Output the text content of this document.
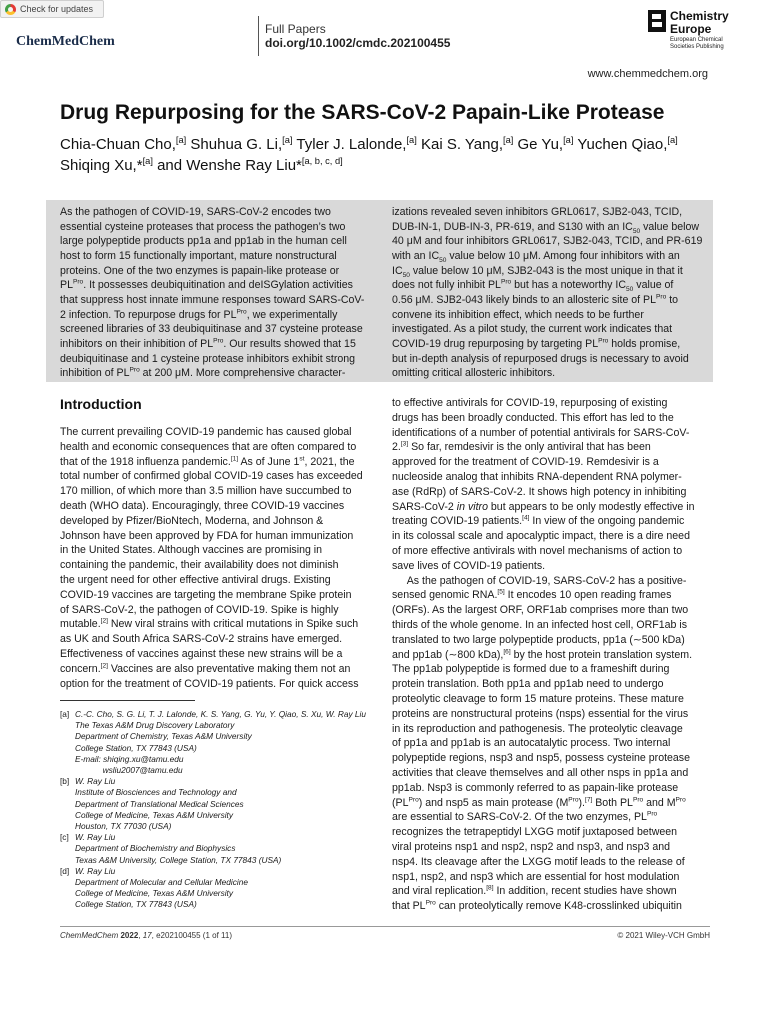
Check for updates
ChemMedChem
Full Papers
doi.org/10.1002/cmdc.202100455
Chemistry
Europe
European Chemical
Societies Publishing
www.chemmedchem.org
Drug Repurposing for the SARS-CoV-2 Papain-Like Protease
Chia-Chuan Cho,[a] Shuhua G. Li,[a] Tyler J. Lalonde,[a] Kai S. Yang,[a] Ge Yu,[a] Yuchen Qiao,[a]
Shiqing Xu,*[a] and Wenshe Ray Liu*[a, b, c, d]
As the pathogen of COVID-19, SARS-CoV-2 encodes two
essential cysteine proteases that process the pathogen’s two
large polypeptide products pp1a and pp1ab in the human cell
host to form 15 functionally important, mature nonstructural
proteins. One of the two enzymes is papain-like protease or
$PL^{Pro}$. It possesses deubiquitination and deISGylation activities
that suppress host innate immune responses toward SARS-CoV-
2 infection. To repurpose drugs for $PL^{Pro}$, we experimentally
screened libraries of 33 deubiquitinase and 37 cysteine protease
inhibitors on their inhibition of $PL^{Pro}$. Our results showed that 15
deubiquitinase and 1 cysteine protease inhibitors exhibit strong
inhibition of $PL^{Pro}$ at 200 μM. More comprehensive character-
izations revealed seven inhibitors GRL0617, SJB2-043, TCID,
DUB-IN-1, DUB-IN-3, PR-619, and S130 with an $IC_{50}$ value below
40 μM and four inhibitors GRL0617, SJB2-043, TCID, and PR-619
with an $IC_{50}$ value below 10 μM. Among four inhibitors with an
$IC_{50}$ value below 10 μM, SJB2-043 is the most unique in that it
does not fully inhibit $PL^{Pro}$ but has a noteworthy $IC_{50}$ value of
0.56 μM. SJB2-043 likely binds to an allosteric site of $PL^{Pro}$ to
convene its inhibition effect, which needs to be further
investigated. As a pilot study, the current work indicates that
COVID-19 drug repurposing by targeting $PL^{Pro}$ holds promise,
but in-depth analysis of repurposed drugs is necessary to avoid
omitting critical allosteric inhibitors.
Introduction
The current prevailing COVID-19 pandemic has caused global
health and economic consequences that are often compared to
that of the 1918 influenza pandemic.[1] As of June 1st, 2021, the
total number of confirmed global COVID-19 cases has exceeded
170 million, of which more than 3.5 million have succumbed to
death (WHO data). Encouragingly, three COVID-19 vaccines
developed by Pfizer/BioNtech, Moderna, and Johnson &
Johnson have been approved by FDA for human immunization
in the United States. Although vaccines are promising in
containing the pandemic, their availability does not diminish
the urgent need for other effective antiviral drugs. Existing
COVID-19 vaccines are targeting the membrane Spike protein
of SARS-CoV-2, the pathogen of COVID-19. Spike is highly
mutable.[2] New viral strains with critical mutations in Spike such
as UK and South Africa SARS-CoV-2 strains have emerged.
Effectiveness of vaccines against these new strains will be a
concern.[2] Vaccines are also preventative making them not an
option for the treatment of COVID-19 patients. For quick access
to effective antivirals for COVID-19, repurposing of existing
drugs has been broadly conducted. This effort has led to the
identifications of a number of potential antivirals for SARS-CoV-
2.[3] So far, remdesivir is the only antiviral that has been
approved for the treatment of COVID-19. Remdesivir is a
nucleoside analog that inhibits RNA-dependent RNA polymer-
ase (RdRp) of SARS-CoV-2. It shows high potency in inhibiting
SARS-CoV-2 in vitro but appears to be only modestly effective in
treating COVID-19 patients.[4] In view of the ongoing pandemic
in its colossal scale and apocalyptic impact, there is a dire need
of more effective antivirals with novel mechanisms of action to
save lives of COVID-19 patients.
As the pathogen of COVID-19, SARS-CoV-2 has a positive-
sensed genomic RNA.[5] It encodes 10 open reading frames
(ORFs). As the largest ORF, ORF1ab comprises more than two
thirds of the whole genome. In an infected host cell, ORF1ab is
translated to two large polypeptide products, pp1a (∼500 kDa)
and pp1ab (∼800 kDa),[6] by the host protein translation system.
The pp1ab polypeptide is formed due to a frameshift during
protein translation. Both pp1a and pp1ab need to undergo
proteolytic cleavage to form 15 mature proteins. These mature
proteins are nonstructural proteins (nsps) essential for the virus
in its reproduction and pathogenesis. The proteolytic cleavage
of pp1a and pp1ab is an autocatalytic process. Two internal
polypeptide regions, nsp3 and nsp5, possess cysteine protease
activities that cleave themselves and all other nsps in pp1a and
pp1ab. Nsp3 is commonly referred to as papain-like protease
$(PL^{Pro})$ and nsp5 as main protease $(M^{Pro}).[7]$ Both $PL^{Pro}$ and $M^{Pro}$
are essential to SARS-CoV-2. Of the two enzymes, $PL^{Pro}$
recognizes the tetrapeptidyl LXGG motif juxtaposed between
viral proteins nsp1 and nsp2, nsp2 and nsp3, and nsp3 and
nsp4. Its cleavage after the LXGG motif leads to the release of
nsp1, nsp2, and nsp3 which are essential for host modulation
and viral replication.[8] In addition, recent studies have shown
that $PL^{Pro}$ can proteolytically remove K48-crosslinked ubiquitin
[a] C.-C. Cho, S. G. Li, T. J. Lalonde, K. S. Yang, G. Yu, Y. Qiao, S. Xu, W. Ray Liu
The Texas A&M Drug Discovery Laboratory
Department of Chemistry, Texas A&M University
College Station, TX 77843 (USA)
E-mail: shiqing.xu@tamu.edu
wsliu2007@tamu.edu
[b] W. Ray Liu
Institute of Biosciences and Technology and
Department of Translational Medical Sciences
College of Medicine, Texas A&M University
Houston, TX 77030 (USA)
[c] W. Ray Liu
Department of Biochemistry and Biophysics
Texas A&M University, College Station, TX 77843 (USA)
[d] W. Ray Liu
Department of Molecular and Cellular Medicine
College of Medicine, Texas A&M University
College Station, TX 77843 (USA)
ChemMedChem 2022, 17, e202100455 (1 of 11)	© 2021 Wiley-VCH GmbH
